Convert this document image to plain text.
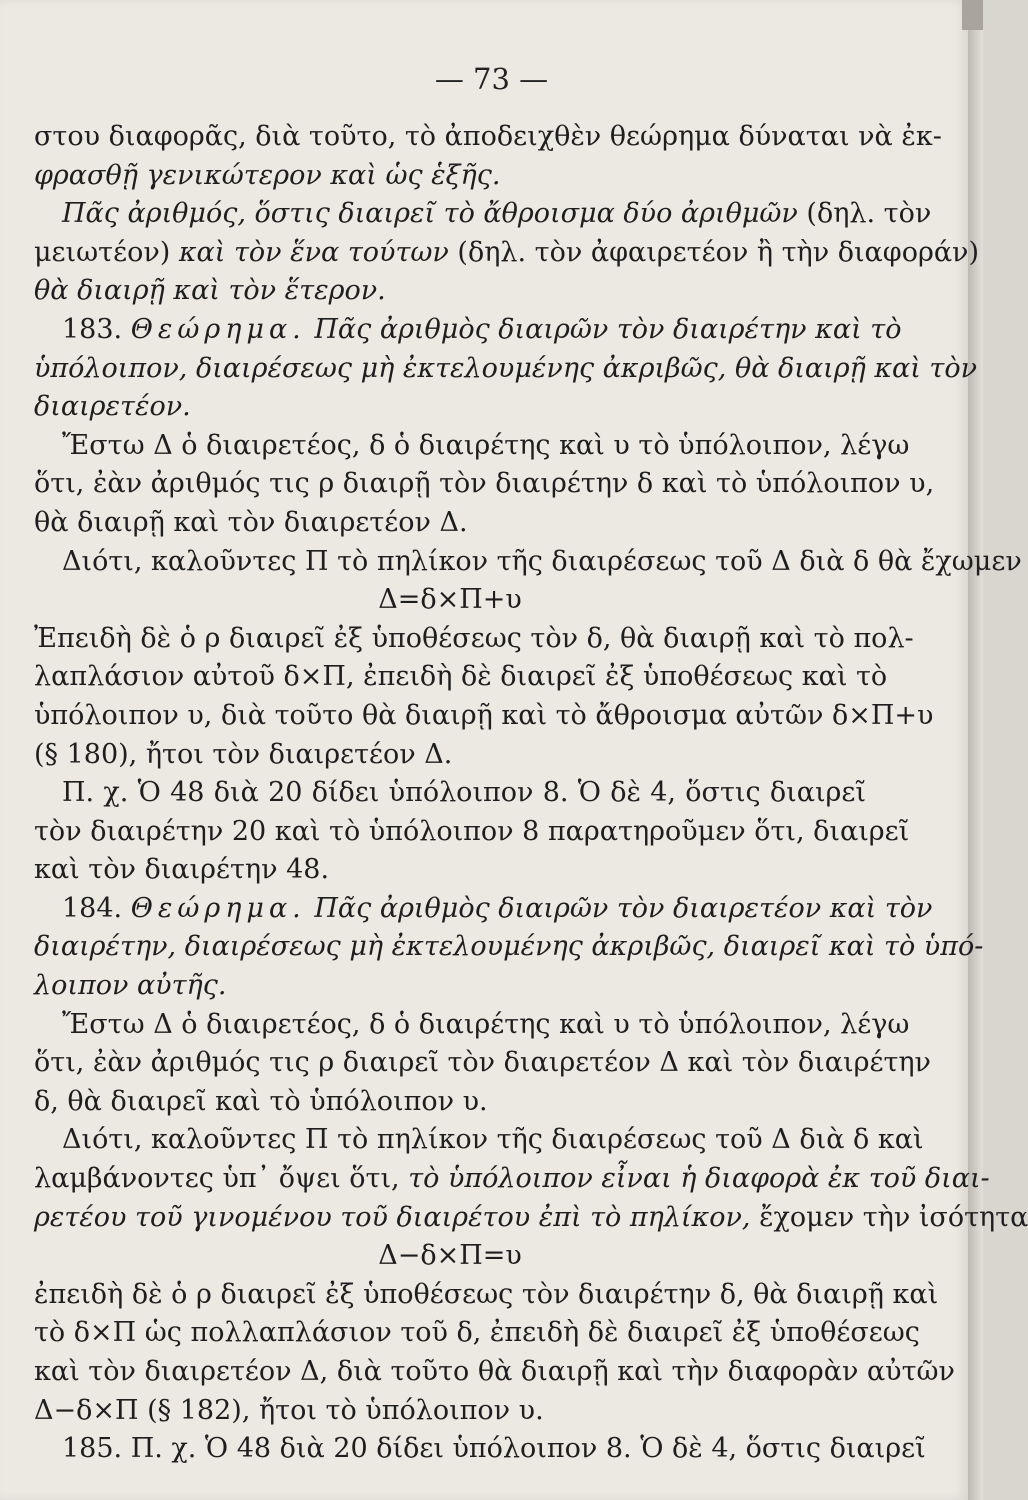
— 73 —
στου διαφορᾶς, διὰ τοῦτο, τὸ ἀποδειχθὲν θεώρημα δύναται νὰ ἐκ-
φρασθῇ γενικώτερον καὶ ὡς ἑξῆς.
Πᾶς ἀριθμός, ὅστις διαιρεῖ τὸ ἄθροισμα δύο ἀριθμῶν (δηλ. τὸν
μειωτέον) καὶ τὸν ἕνα τούτων (δηλ. τὸν ἀφαιρετέον ἢ τὴν διαφοράν)
θὰ διαιρῇ καὶ τὸν ἕτερον.
183. Θεώρημα. Πᾶς ἀριθμὸς διαιρῶν τὸν διαιρέτην καὶ τὸ
ὑπόλοιπον, διαιρέσεως μὴ ἐκτελουμένης ἀκριβῶς, θὰ διαιρῇ καὶ τὸν
διαιρετέον.
Ἔστω Δ ὁ διαιρετέος, δ ὁ διαιρέτης καὶ υ τὸ ὑπόλοιπον, λέγω
ὅτι, ἐὰν ἀριθμός τις ρ διαιρῇ τὸν διαιρέτην δ καὶ τὸ ὑπόλοιπον υ,
θὰ διαιρῇ καὶ τὸν διαιρετέον Δ.
Διότι, καλοῦντες Π τὸ πηλίκον τῆς διαιρέσεως τοῦ Δ διὰ δ θὰ ἔχωμεν
Δ=δ×Π+υ
Ἐπειδὴ δὲ ὁ ρ διαιρεῖ ἐξ ὑποθέσεως τὸν δ, θὰ διαιρῇ καὶ τὸ πολ-
λαπλάσιον αὐτοῦ δ×Π, ἐπειδὴ δὲ διαιρεῖ ἐξ ὑποθέσεως καὶ τὸ
ὑπόλοιπον υ, διὰ τοῦτο θὰ διαιρῇ καὶ τὸ ἄθροισμα αὐτῶν δ×Π+υ
(§ 180), ἤτοι τὸν διαιρετέον Δ.
Π. χ. Ὁ 48 διὰ 20 δίδει ὑπόλοιπον 8. Ὁ δὲ 4, ὅστις διαιρεῖ
τὸν διαιρέτην 20 καὶ τὸ ὑπόλοιπον 8 παρατηροῦμεν ὅτι, διαιρεῖ
καὶ τὸν διαιρέτην 48.
184. Θεώρημα. Πᾶς ἀριθμὸς διαιρῶν τὸν διαιρετέον καὶ τὸν
διαιρέτην, διαιρέσεως μὴ ἐκτελουμένης ἀκριβῶς, διαιρεῖ καὶ τὸ ὑπό-
λοιπον αὐτῆς.
Ἔστω Δ ὁ διαιρετέος, δ ὁ διαιρέτης καὶ υ τὸ ὑπόλοιπον, λέγω
ὅτι, ἐὰν ἀριθμός τις ρ διαιρεῖ τὸν διαιρετέον Δ καὶ τὸν διαιρέτην
δ, θὰ διαιρεῖ καὶ τὸ ὑπόλοιπον υ.
Διότι, καλοῦντες Π τὸ πηλίκον τῆς διαιρέσεως τοῦ Δ διὰ δ καὶ
λαμβάνοντες ὑπ᾽ ὄψει ὅτι, τὸ ὑπόλοιπον εἶναι ἡ διαφορὰ ἐκ τοῦ διαι-
ρετέου τοῦ γινομένου τοῦ διαιρέτου ἐπὶ τὸ πηλίκον, ἔχομεν τὴν ἰσότητα
Δ−δ×Π=υ
ἐπειδὴ δὲ ὁ ρ διαιρεῖ ἐξ ὑποθέσεως τὸν διαιρέτην δ, θὰ διαιρῇ καὶ
τὸ δ×Π ὡς πολλαπλάσιον τοῦ δ, ἐπειδὴ δὲ διαιρεῖ ἐξ ὑποθέσεως
καὶ τὸν διαιρετέον Δ, διὰ τοῦτο θὰ διαιρῇ καὶ τὴν διαφορὰν αὐτῶν
Δ−δ×Π (§ 182), ἤτοι τὸ ὑπόλοιπον υ.
185. Π. χ. Ὁ 48 διὰ 20 δίδει ὑπόλοιπον 8. Ὁ δὲ 4, ὅστις διαιρεῖ
